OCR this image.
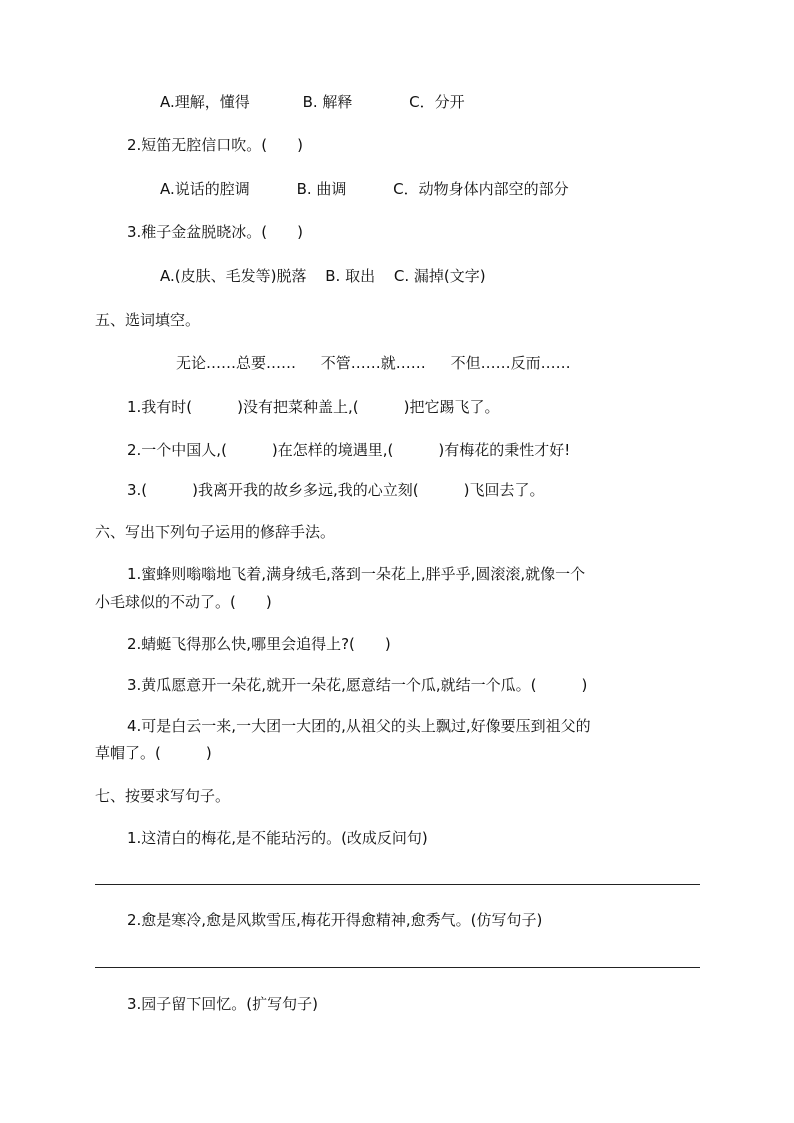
A.理解，懂得	B. 解释	C．分开
2.短笛无腔信口吹。(　　)
A.说话的腔调	B. 曲调	C．动物身体内部空的部分
3.稚子金盆脱晓冰。(　　)
A.(皮肤、毛发等)脱落 B. 取出 C. 漏掉(文字)
五、选词填空。
无论……总要…… 不管……就…… 不但……反而……
1.我有时(　　　)没有把菜种盖上,(　　　)把它踢飞了。
2.一个中国人,(　　　)在怎样的境遇里,(　　　)有梅花的秉性才好!
3.(　　　)我离开我的故乡多远,我的心立刻(　　　)飞回去了。
六、写出下列句子运用的修辞手法。
1.蜜蜂则嗡嗡地飞着,满身绒毛,落到一朵花上,胖乎乎,圆滚滚,就像一个
小毛球似的不动了。(　　)
2.蜻蜓飞得那么快,哪里会追得上?(　　)
3.黄瓜愿意开一朵花,就开一朵花,愿意结一个瓜,就结一个瓜。(　　　)
4.可是白云一来,一大团一大团的,从祖父的头上飘过,好像要压到祖父的
草帽了。(　　　)
七、按要求写句子。
1.这清白的梅花,是不能玷污的。(改成反问句)
2.愈是寒冷,愈是风欺雪压,梅花开得愈精神,愈秀气。(仿写句子)
3.园子留下回忆。(扩写句子)
